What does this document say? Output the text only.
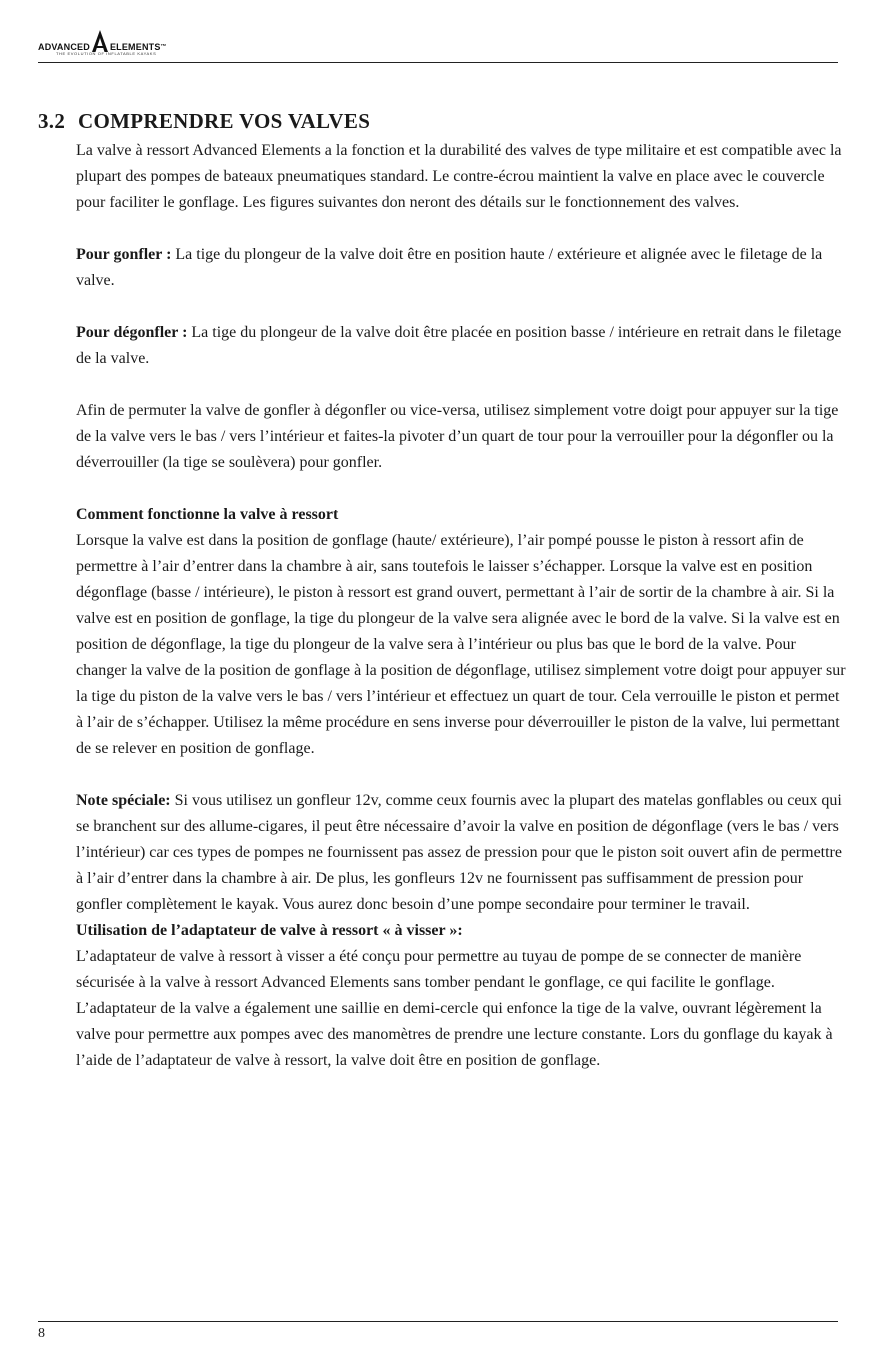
ADVANCED ELEMENTS ™
THE EVOLUTION OF INFLATABLE KAYAKS
3.2 COMPRENDRE VOS VALVES

La valve à ressort Advanced Elements a la fonction et la durabilité des valves de type militaire et est compatible avec la plupart des pompes de bateaux pneumatiques standard. Le contre-écrou maintient la valve en place avec le couvercle pour faciliter le gonflage. Les figures suivantes don neront des détails sur le fonctionnement des valves.

Pour gonfler : La tige du plongeur de la valve doit être en position haute / extérieure et alignée avec le filetage de la valve.

Pour dégonfler : La tige du plongeur de la valve doit être placée en position basse / intérieure en retrait dans le filetage de la valve.

Afin de permuter la valve de gonfler à dégonfler ou vice-versa, utilisez simplement votre doigt pour appuyer sur la tige de la valve vers le bas / vers l’intérieur et faites-la pivoter d’un quart de tour pour la verrouiller pour la dégonfler ou la déverrouiller (la tige se soulèvera) pour gonfler.

Comment fonctionne la valve à ressort

Lorsque la valve est dans la position de gonflage (haute/ extérieure), l’air pompé pousse le piston à ressort afin de permettre à l’air d’entrer dans la chambre à air, sans toutefois le laisser s’échapper. Lorsque la valve est en position dégonflage (basse / intérieure), le piston à ressort est grand ouvert, permettant à l’air de sortir de la chambre à air. Si la valve est en position de gonflage, la tige du plongeur de la valve sera alignée avec le bord de la valve. Si la valve est en position de dégonflage, la tige du plongeur de la valve sera à l’intérieur ou plus bas que le bord de la valve. Pour changer la valve de la position de gonflage à la position de dégonflage, utilisez simplement votre doigt pour appuyer sur la tige du piston de la valve vers le bas / vers l’intérieur et effectuez un quart de tour. Cela verrouille le piston et permet à l’air de s’échapper. Utilisez la même procédure en sens inverse pour déverrouiller le piston de la valve, lui permettant de se relever en position de gonflage.

Note spéciale: Si vous utilisez un gonfleur 12v, comme ceux fournis avec la plupart des matelas gonflables ou ceux qui se branchent sur des allume-cigares, il peut être nécessaire d’avoir la valve en position de dégonflage (vers le bas / vers l’intérieur) car ces types de pompes ne fournissent pas assez de pression pour que le piston soit ouvert afin de permettre à l’air d’entrer dans la chambre à air. De plus, les gonfleurs 12v ne fournissent pas suffisamment de pression pour gonfler complètement le kayak. Vous aurez donc besoin d’une pompe secondaire pour terminer le travail.

Utilisation de l’adaptateur de valve à ressort « à visser »:

L’adaptateur de valve à ressort à visser a été conçu pour permettre au tuyau de pompe de se connecter de manière sécurisée à la valve à ressort Advanced Elements sans tomber pendant le gonflage, ce qui facilite le gonflage. L’adaptateur de la valve a également une saillie en demi-cercle qui enfonce la tige de la valve, ouvrant légèrement la valve pour permettre aux pompes avec des manomètres de prendre une lecture constante. Lors du gonflage du kayak à l’aide de l’adaptateur de valve à ressort, la valve doit être en position de gonflage.

8
